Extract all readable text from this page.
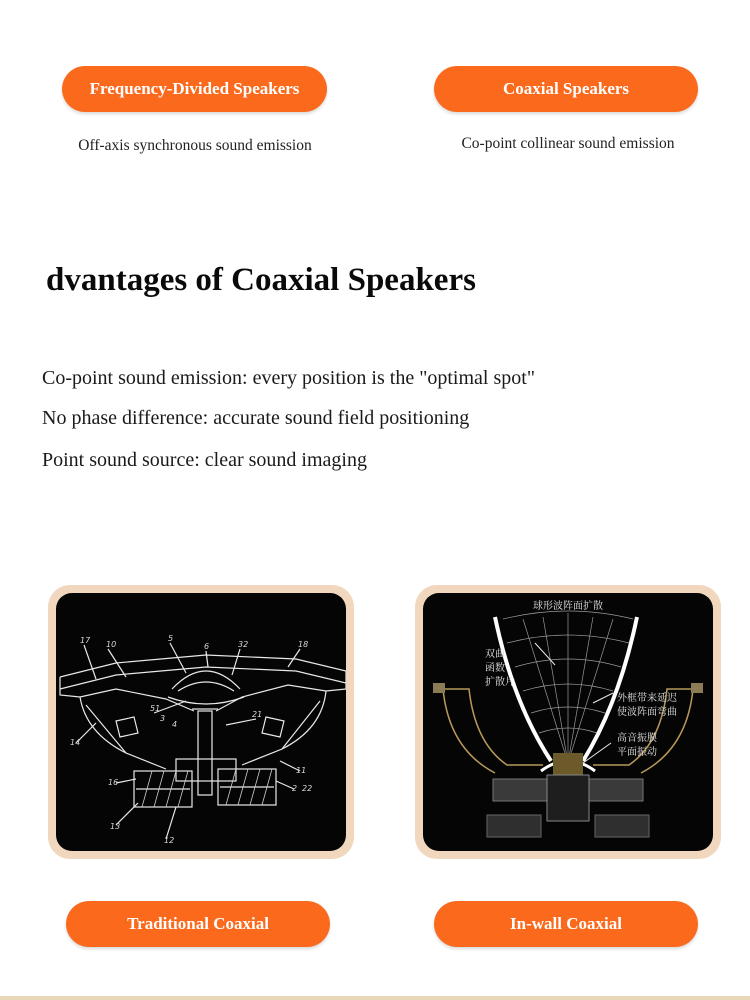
Frequency-Divided Speakers
Off-axis synchronous sound emission
Coaxial Speakers
Co-point collinear sound emission
dvantages of Coaxial Speakers
Co-point sound emission: every position is the "optimal spot"
No phase difference: accurate sound field positioning
Point sound source: clear sound imaging
17 10
5
6	32	18
51
3
4
21
14
16
13
12
11
2 22
球形波阵面扩散
双曲
函数
扩散片
外框带来延迟
使波阵面弯曲
高音振膜
平面振动
Traditional Coaxial	In-wall Coaxial
